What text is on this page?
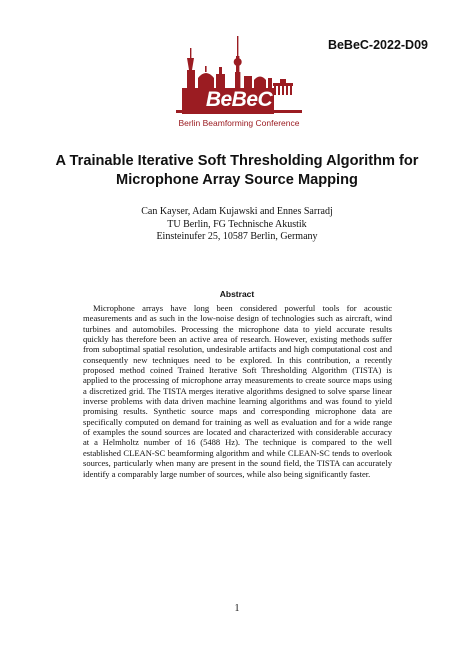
BeBeC-2022-D09
BeBeC
Berlin Beamforming Conference
A Trainable Iterative Soft Thresholding Algorithm for
Microphone Array Source Mapping
Can Kayser, Adam Kujawski and Ennes Sarradj
TU Berlin, FG Technische Akustik
Einsteinufer 25, 10587 Berlin, Germany
Abstract

Microphone arrays have long been considered powerful tools for acoustic measurements and as such in the low-noise design of technologies such as aircraft, wind turbines and automobiles. Processing the microphone data to yield accurate results quickly has therefore been an active area of research. However, existing methods suffer from suboptimal spatial resolution, undesirable artifacts and high computational cost and consequently new techniques need to be explored. In this contribution, a recently proposed method coined Trained Iterative Soft Thresholding Algorithm (TISTA) is applied to the processing of microphone array measurements to create source maps using a discretized grid. The TISTA merges iterative algorithms designed to solve sparse linear inverse problems with data driven machine learning algorithms and was found to yield promising results. Synthetic source maps and corresponding microphone data are specifically computed on demand for training as well as evaluation and for a wide range of examples the sound sources are located and characterized with considerable accuracy at a Helmholtz number of 16 (5488 Hz). The technique is compared to the well established CLEAN-SC beamforming algorithm and while CLEAN-SC tends to overlook sources, particularly when many are present in the sound field, the TISTA can accurately identify a comparably large number of sources, while also being significantly faster.

1
